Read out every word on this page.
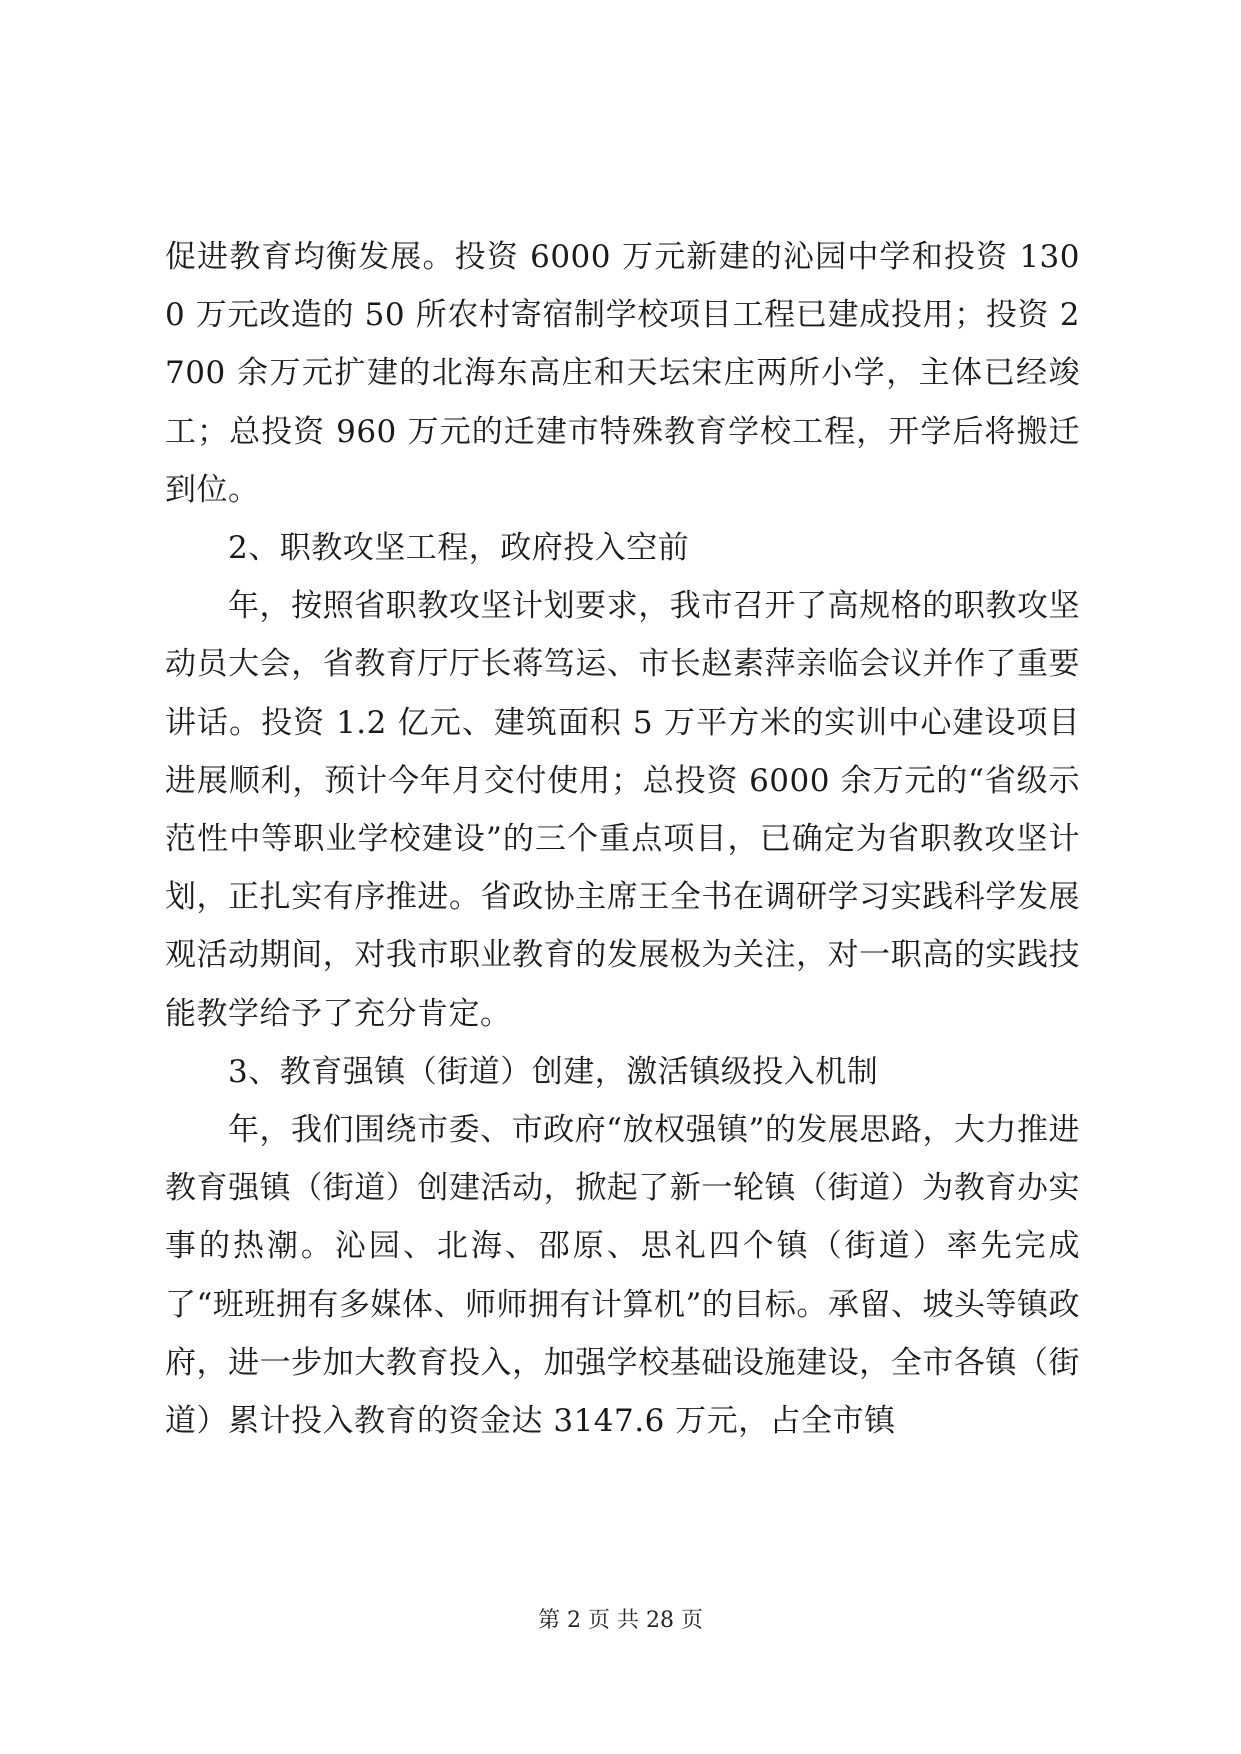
促进教育均衡发展。投资 6000 万元新建的沁园中学和投资 1300 万元改造的 50 所农村寄宿制学校项目工程已建成投用；投资 2700 余万元扩建的北海东高庄和天坛宋庄两所小学，主体已经竣工；总投资 960 万元的迁建市特殊教育学校工程，开学后将搬迁到位。

2、职教攻坚工程，政府投入空前

年，按照省职教攻坚计划要求，我市召开了高规格的职教攻坚动员大会，省教育厅厅长蒋笃运、市长赵素萍亲临会议并作了重要讲话。投资 1.2 亿元、建筑面积 5 万平方米的实训中心建设项目进展顺利，预计今年月交付使用；总投资 6000 余万元的“省级示范性中等职业学校建设”的三个重点项目，已确定为省职教攻坚计划，正扎实有序推进。省政协主席王全书在调研学习实践科学发展观活动期间，对我市职业教育的发展极为关注，对一职高的实践技能教学给予了充分肯定。

3、教育强镇（街道）创建，激活镇级投入机制

年，我们围绕市委、市政府“放权强镇”的发展思路，大力推进教育强镇（街道）创建活动，掀起了新一轮镇（街道）为教育办实事的热潮。沁园、北海、邵原、思礼四个镇（街道）率先完成了“班班拥有多媒体、师师拥有计算机”的目标。承留、坡头等镇政府，进一步加大教育投入，加强学校基础设施建设，全市各镇（街道）累计投入教育的资金达 3147.6 万元，占全市镇

第 2 页 共 28 页
